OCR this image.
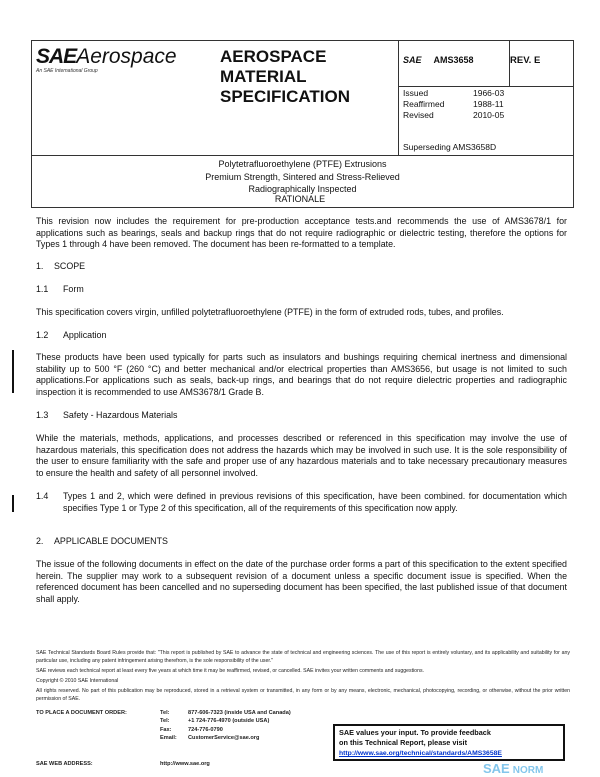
SAEAerospace
An SAE International Group
AEROSPACE
MATERIAL
SPECIFICATION
SAE AMS3658	REV. E
Issued	1966-03
Reaffirmed	1988-11
Revised	2010-05
Superseding AMS3658D
Polytetrafluoroethylene (PTFE) Extrusions
Premium Strength, Sintered and Stress-Relieved
Radiographically Inspected
RATIONALE
This revision now includes the requirement for pre-production acceptance tests.and recommends the use of AMS3678/1 for applications such as bearings, seals and backup rings that do not require radiographic or dielectric testing, therefore the options for Types 1 through 4 have been removed. The document has been re-formatted to a template.
1. SCOPE
1.1 Form
This specification covers virgin, unfilled polytetrafluoroethylene (PTFE) in the form of extruded rods, tubes, and profiles.
1.2 Application
These products have been used typically for parts such as insulators and bushings requiring chemical inertness and dimensional stability up to 500 °F (260 °C) and better mechanical and/or electrical properties than AMS3656, but usage is not limited to such applications.For applications such as seals, back-up rings, and bearings that do not require dielectric properties and radiographic inspection it is recommended to use AMS3678/1 Grade B.
1.3 Safety - Hazardous Materials
While the materials, methods, applications, and processes described or referenced in this specification may involve the use of hazardous materials, this specification does not address the hazards which may be involved in such use. It is the sole responsibility of the user to ensure familiarity with the safe and proper use of any hazardous materials and to take necessary precautionary measures to ensure the health and safety of all personnel involved.
1.4 Types 1 and 2, which were defined in previous revisions of this specification, have been combined. for documentation which specifies Type 1 or Type 2 of this specification, all of the requirements of this specification now apply.
2. APPLICABLE DOCUMENTS
The issue of the following documents in effect on the date of the purchase order forms a part of this specification to the extent specified herein. The supplier may work to a subsequent revision of a document unless a specific document issue is specified. When the referenced document has been cancelled and no superseding document has been specified, the last published issue of that document shall apply.
SAE Technical Standards Board Rules provide that: "This report is published by SAE to advance the state of technical and engineering sciences. The use of this report is entirely voluntary, and its applicability and suitability for any particular use, including any patent infringement arising therefrom, is the sole responsibility of the user."
SAE reviews each technical report at least every five years at which time it may be reaffirmed, revised, or cancelled. SAE invites your written comments and suggestions.
Copyright © 2010 SAE International
All rights reserved. No part of this publication may be reproduced, stored in a retrieval system or transmitted, in any form or by any means, electronic, mechanical, photocopying, recording, or otherwise, without the prior written permission of SAE.
TO PLACE A DOCUMENT ORDER:	Tel:	877-606-7323 (inside USA and Canada)
Tel:	+1 724-776-4970 (outside USA)
Fax:	724-776-0790
Email: CustomerService@sae.org
SAE WEB ADDRESS:	http://www.sae.org
SAE values your input. To provide feedback
on this Technical Report, please visit
http://www.sae.org/technical/standards/AMS3658E
SAE NORM
